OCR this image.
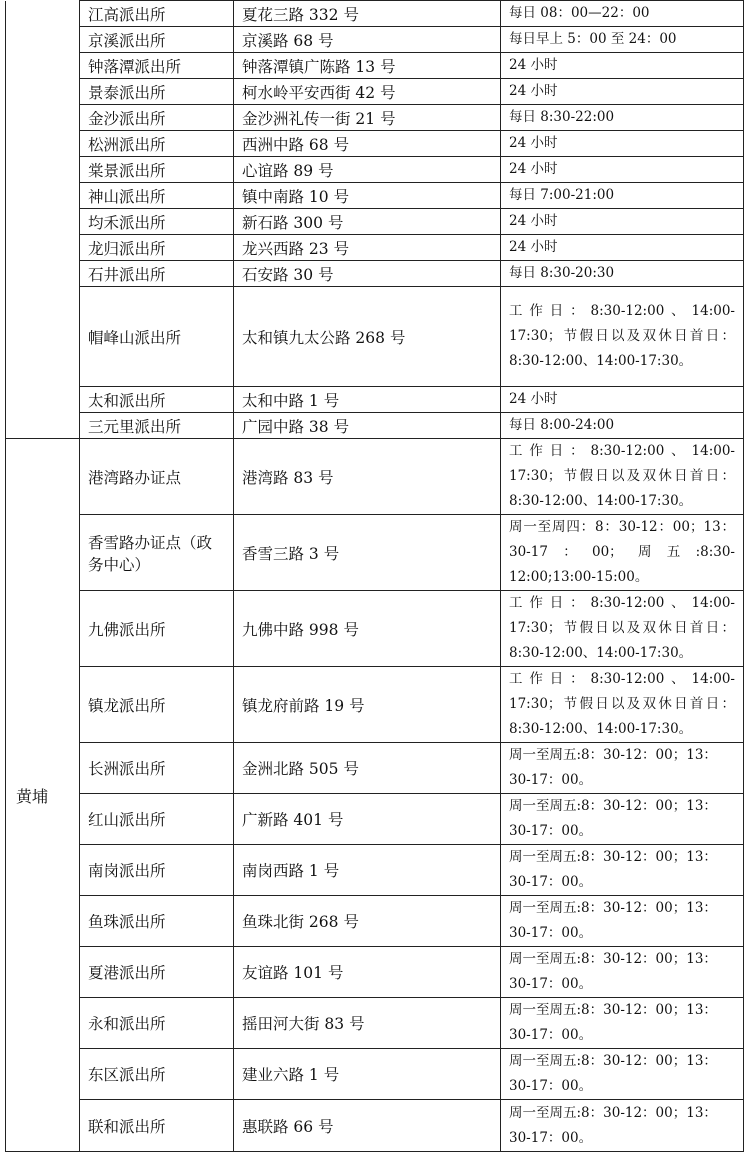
	江高派出所	夏花三路 332 号	每日 08：00—22：00
	京溪派出所	京溪路 68 号	每日早上 5：00 至 24：00
	钟落潭派出所	钟落潭镇广陈路 13 号	24 小时
	景泰派出所	柯水岭平安西街 42 号	24 小时
	金沙派出所	金沙洲礼传一街 21 号	每日 8:30-22:00
	松洲派出所	西洲中路 68 号	24 小时
	棠景派出所	心谊路 89 号	24 小时
	神山派出所	镇中南路 10 号	每日 7:00-21:00
	均禾派出所	新石路 300 号	24 小时
	龙归派出所	龙兴西路 23 号	24 小时
	石井派出所	石安路 30 号	每日 8:30-20:30
	帽峰山派出所	太和镇九太公路 268 号	工作日：8:30-12:00、14:00-17:30；节假日以及双休日首日：8:30-12:00、14:00-17:30。
	太和派出所	太和中路 1 号	24 小时
	三元里派出所	广园中路 38 号	每日 8:00-24:00
黄埔	港湾路办证点	港湾路 83 号	工作日：8:30-12:00、14:00-17:30；节假日以及双休日首日：8:30-12:00、14:00-17:30。
	香雪路办证点（政务中心）	香雪三路 3 号	周一至周四：8：30-12：00；13：30-17：00；周五:8:30-12:00;13:00-15:00。
	九佛派出所	九佛中路 998 号	工作日：8:30-12:00、14:00-17:30；节假日以及双休日首日：8:30-12:00、14:00-17:30。
	镇龙派出所	镇龙府前路 19 号	工作日：8:30-12:00、14:00-17:30；节假日以及双休日首日：8:30-12:00、14:00-17:30。
	长洲派出所	金洲北路 505 号	周一至周五:8：30-12：00；13：30-17：00。
	红山派出所	广新路 401 号	周一至周五:8：30-12：00；13：30-17：00。
	南岗派出所	南岗西路 1 号	周一至周五:8：30-12：00；13：30-17：00。
	鱼珠派出所	鱼珠北街 268 号	周一至周五:8：30-12：00；13：30-17：00。
	夏港派出所	友谊路 101 号	周一至周五:8：30-12：00；13：30-17：00。
	永和派出所	摇田河大街 83 号	周一至周五:8：30-12：00；13：30-17：00。
	东区派出所	建业六路 1 号	周一至周五:8：30-12：00；13：30-17：00。
	联和派出所	惠联路 66 号	周一至周五:8：30-12：00；13：30-17：00。
